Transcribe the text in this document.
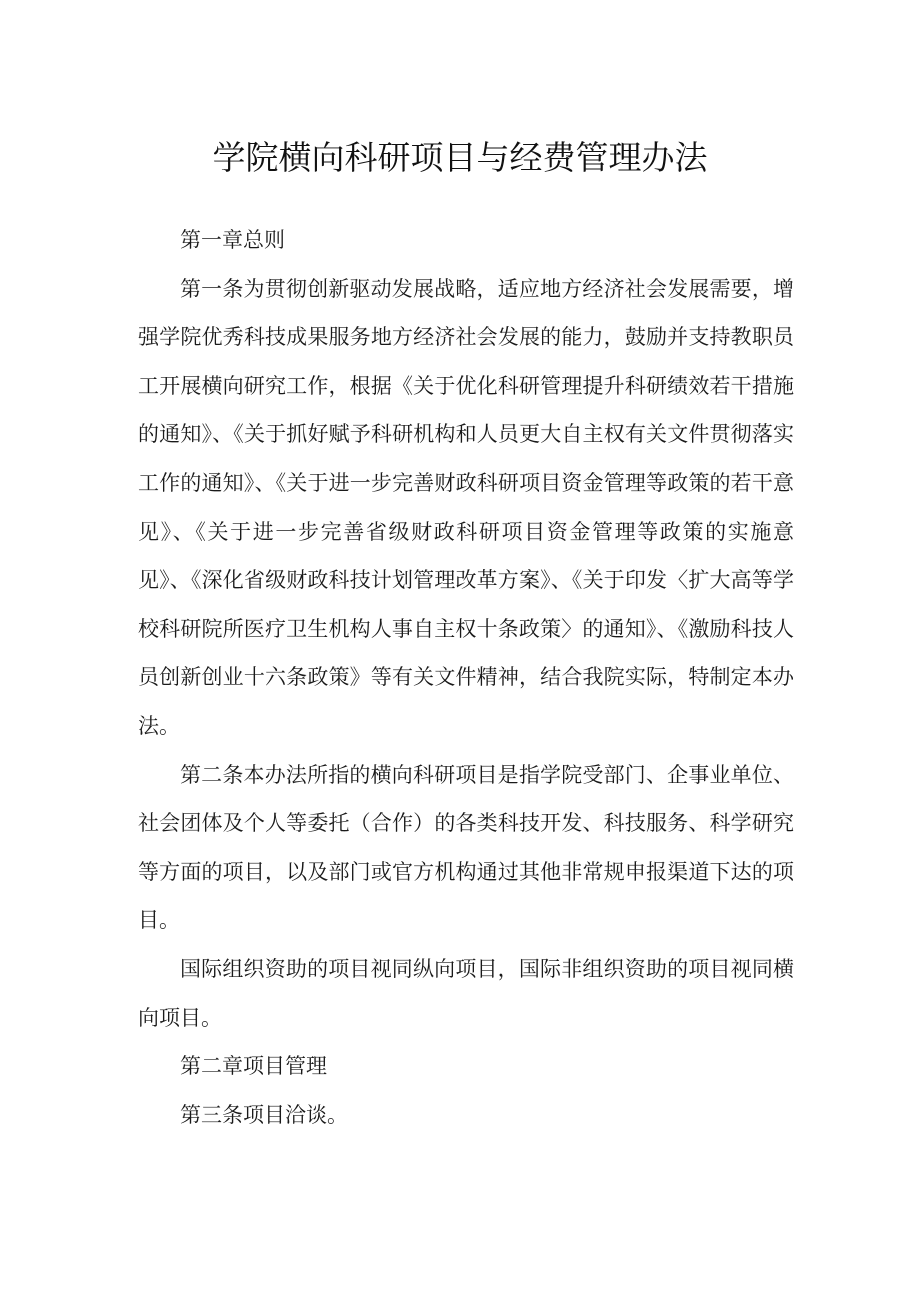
学院横向科研项目与经费管理办法

第一章总则

第一条为贯彻创新驱动发展战略，适应地方经济社会发展需要，增强学院优秀科技成果服务地方经济社会发展的能力，鼓励并支持教职员工开展横向研究工作，根据《关于优化科研管理提升科研绩效若干措施的通知》、《关于抓好赋予科研机构和人员更大自主权有关文件贯彻落实工作的通知》、《关于进一步完善财政科研项目资金管理等政策的若干意见》、《关于进一步完善省级财政科研项目资金管理等政策的实施意见》、《深化省级财政科技计划管理改革方案》、《关于印发〈扩大高等学校科研院所医疗卫生机构人事自主权十条政策〉的通知》、《激励科技人员创新创业十六条政策》等有关文件精神，结合我院实际，特制定本办法。

第二条本办法所指的横向科研项目是指学院受部门、企事业单位、社会团体及个人等委托（合作）的各类科技开发、科技服务、科学研究等方面的项目，以及部门或官方机构通过其他非常规申报渠道下达的项目。

国际组织资助的项目视同纵向项目，国际非组织资助的项目视同横向项目。

第二章项目管理

第三条项目洽谈。
